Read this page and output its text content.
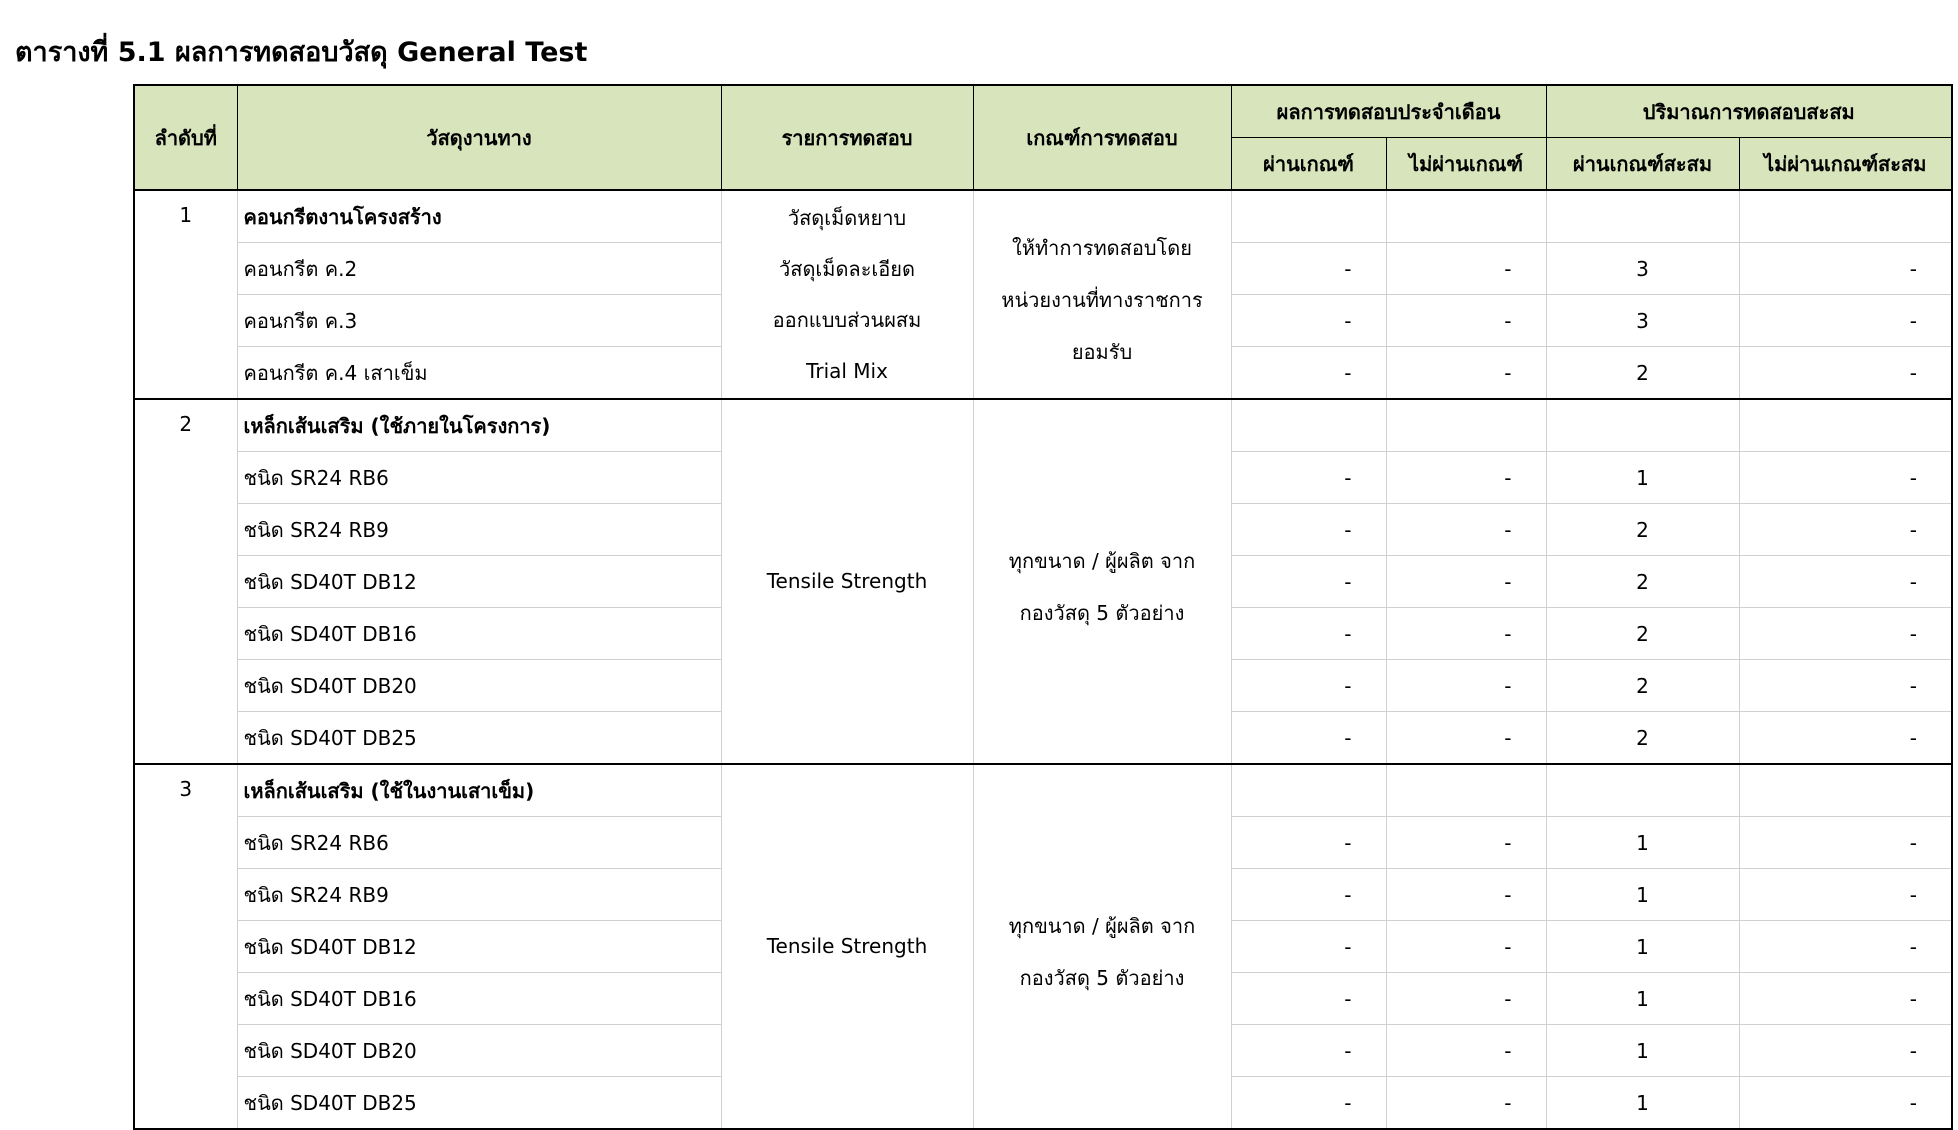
ตารางที่ 5.1 ผลการทดสอบวัสดุ General Test
ลำดับที่	วัสดุงานทาง	รายการทดสอบ	เกณฑ์การทดสอบ	ผลการทดสอบประจำเดือน		ปริมาณการทดสอบสะสม	
				ผ่านเกณฑ์	ไม่ผ่านเกณฑ์	ผ่านเกณฑ์สะสม	ไม่ผ่านเกณฑ์สะสม
1	คอนกรีตงานโครงสร้าง	วัสดุเม็ดหยาบ
วัสดุเม็ดละเอียด
ออกแบบส่วนผสม
Trial Mix	ให้ทำการทดสอบโดย
หน่วยงานที่ทางราชการ
ยอมรับ				

	คอนกรีต ค.2			-	-	3	-
	คอนกรีต ค.3			-	-	3	-
	คอนกรีต ค.4 เสาเข็ม			-	-	2	-
2	เหล็กเส้นเสริม (ใช้ภายในโครงการ)	Tensile Strength	ทุกขนาด / ผู้ผลิต จาก
กองวัสดุ 5 ตัวอย่าง				

	ชนิด SR24 RB6			-	-	1	-
	ชนิด SR24 RB9			-	-	2	-
	ชนิด SD40T DB12			-	-	2	-
	ชนิด SD40T DB16			-	-	2	-
	ชนิด SD40T DB20			-	-	2	-
	ชนิด SD40T DB25			-	-	2	-
3	เหล็กเส้นเสริม (ใช้ในงานเสาเข็ม)	Tensile Strength	ทุกขนาด / ผู้ผลิต จาก
กองวัสดุ 5 ตัวอย่าง				

	ชนิด SR24 RB6			-	-	1	-
	ชนิด SR24 RB9			-	-	1	-
	ชนิด SD40T DB12			-	-	1	-
	ชนิด SD40T DB16			-	-	1	-
	ชนิด SD40T DB20			-	-	1	-
	ชนิด SD40T DB25			-	-	1	-
